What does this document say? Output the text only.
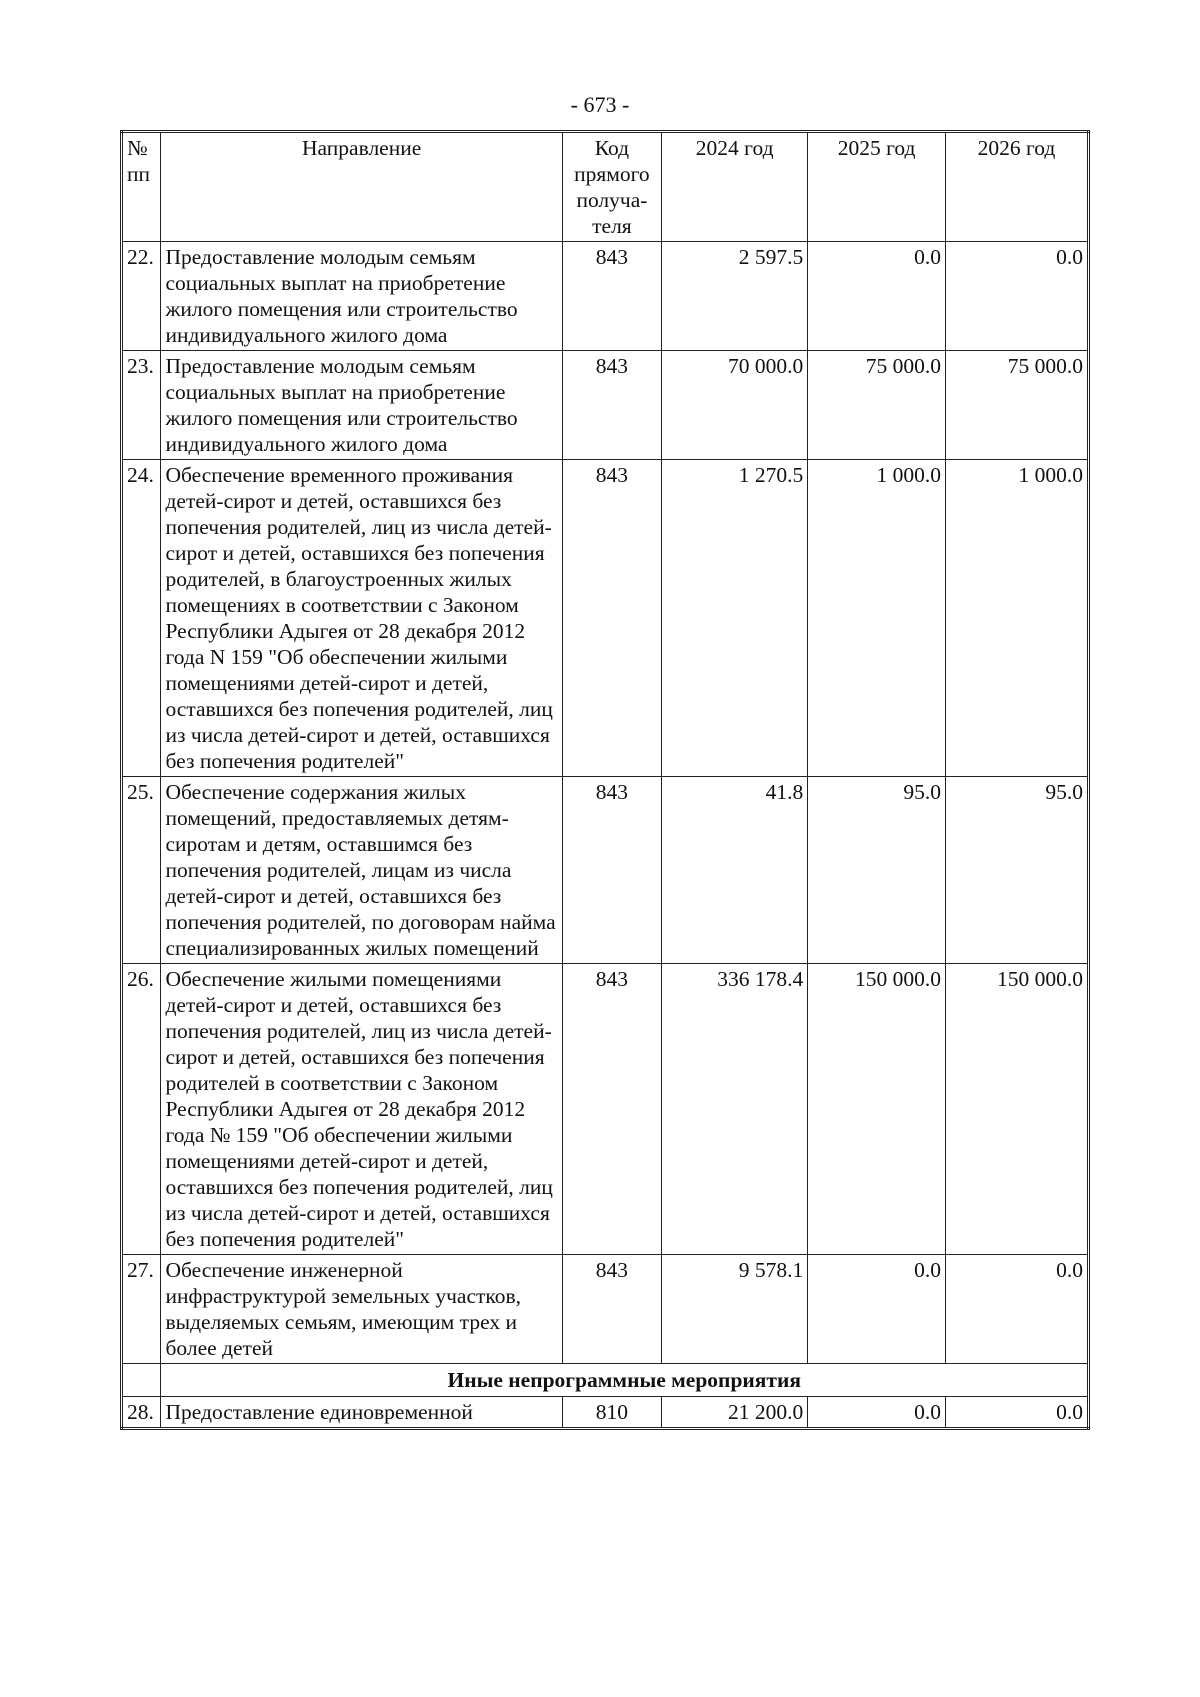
- 673 -
№ пп	Направление	Код прямого получа-теля	2024 год	2025 год	2026 год
22.	Предоставление молодым семьям социальных выплат на приобретение жилого помещения или строительство индивидуального жилого дома	843	2 597.5	0.0	0.0
23.	Предоставление молодым семьям социальных выплат на приобретение жилого помещения или строительство индивидуального жилого дома	843	70 000.0	75 000.0	75 000.0
24.	Обеспечение временного проживания детей-сирот и детей, оставшихся без попечения родителей, лиц из числа детей-сирот и детей, оставшихся без попечения родителей, в благоустроенных жилых помещениях в соответствии с Законом Республики Адыгея от 28 декабря 2012 года N 159 "Об обеспечении жилыми помещениями детей-сирот и детей, оставшихся без попечения родителей, лиц из числа детей-сирот и детей, оставшихся без попечения родителей"	843	1 270.5	1 000.0	1 000.0
25.	Обеспечение содержания жилых помещений, предоставляемых детям-сиротам и детям, оставшимся без попечения родителей, лицам из числа детей-сирот и детей, оставшихся без попечения родителей, по договорам найма специализированных жилых помещений	843	41.8	95.0	95.0
26.	Обеспечение жилыми помещениями детей-сирот и детей, оставшихся без попечения родителей, лиц из числа детей-сирот и детей, оставшихся без попечения родителей в соответствии с Законом Республики Адыгея от 28 декабря 2012 года № 159 "Об обеспечении жилыми помещениями детей-сирот и детей, оставшихся без попечения родителей, лиц из числа детей-сирот и детей, оставшихся без попечения родителей"	843	336 178.4	150 000.0	150 000.0
27.	Обеспечение инженерной инфраструктурой земельных участков, выделяемых семьям, имеющим трех и более детей	843	9 578.1	0.0	0.0
	Иные непрограммные мероприятия				
28.	Предоставление единовременной	810	21 200.0	0.0	0.0
